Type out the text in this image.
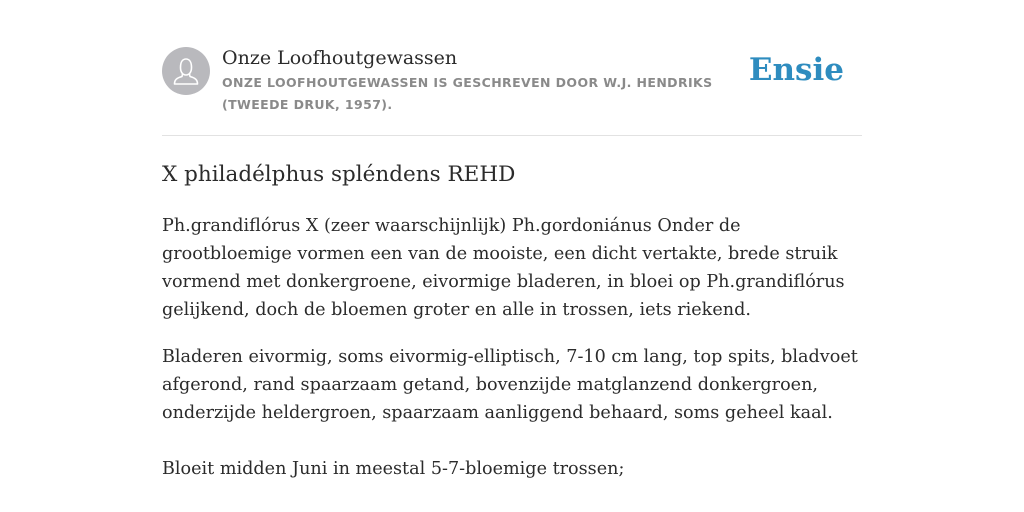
Onze Loofhoutgewassen
ONZE LOOFHOUTGEWASSEN IS GESCHREVEN DOOR W.J. HENDRIKS (TWEEDE DRUK, 1957).
Ensie
X philadélphus spléndens REHD

Ph.grandiflórus X (zeer waarschijnlijk) Ph.gordoniánus Onder de grootbloemige vormen een van de mooiste, een dicht vertakte, brede struik vormend met donkergroene, eivormige bladeren, in bloei op Ph.grandiflórus gelijkend, doch de bloemen groter en alle in trossen, iets riekend.

Bladeren eivormig, soms eivormig-elliptisch, 7-10 cm lang, top spits, bladvoet afgerond, rand spaarzaam getand, bovenzijde matglanzend donkergroen, onderzijde heldergroen, spaarzaam aanliggend behaard, soms geheel kaal.

Bloeit midden Juni in meestal 5-7-bloemige trossen;
